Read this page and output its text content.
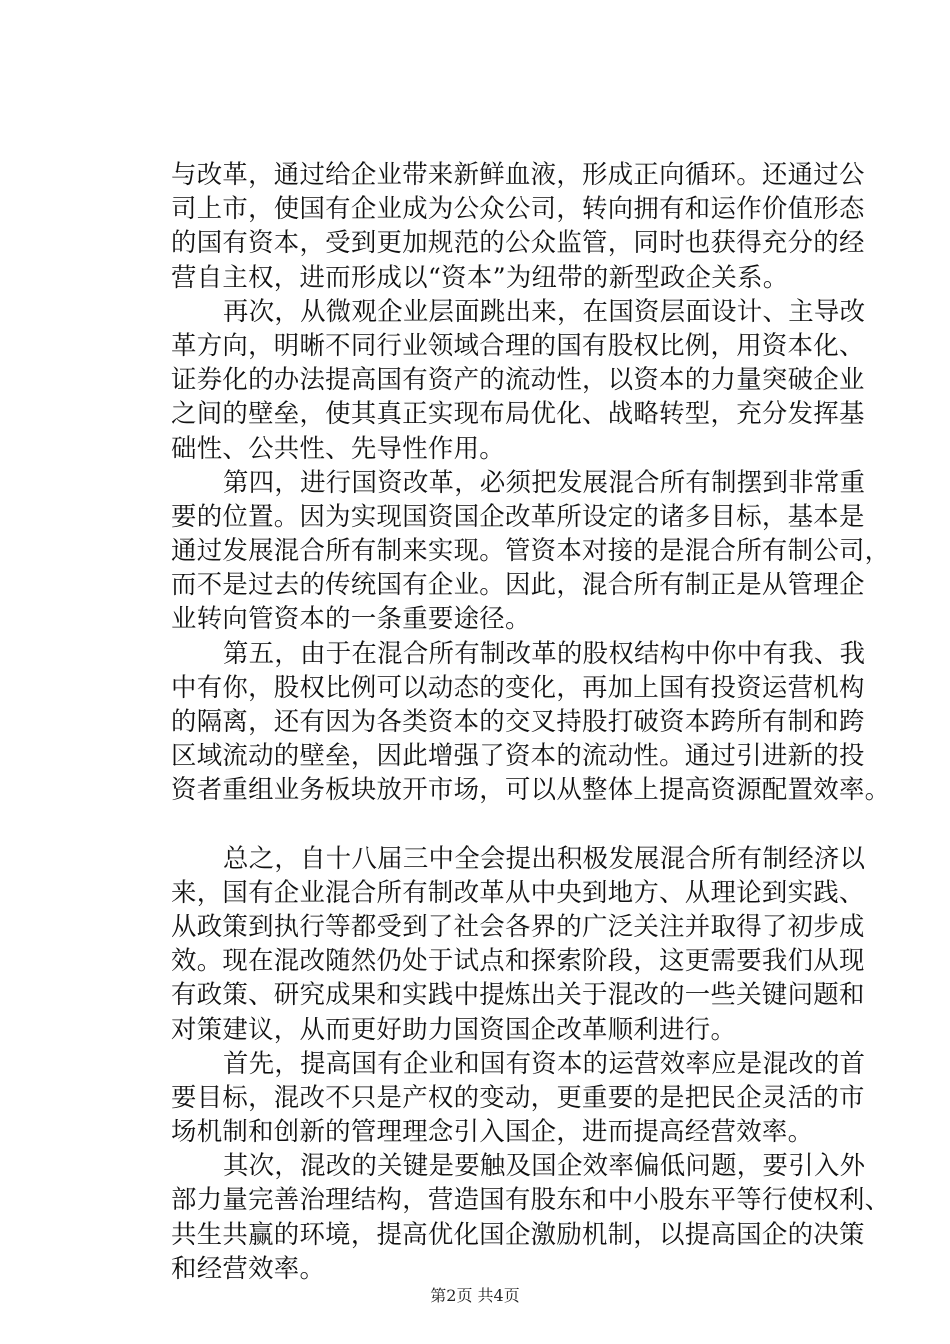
与改革，通过给企业带来新鲜血液，形成正向循环。还通过公
司上市，使国有企业成为公众公司，转向拥有和运作价值形态
的国有资本，受到更加规范的公众监管，同时也获得充分的经
营自主权，进而形成以“资本”为纽带的新型政企关系。

再次，从微观企业层面跳出来，在国资层面设计、主导改
革方向，明晰不同行业领域合理的国有股权比例，用资本化、
证券化的办法提高国有资产的流动性，以资本的力量突破企业
之间的壁垒，使其真正实现布局优化、战略转型，充分发挥基
础性、公共性、先导性作用。

第四，进行国资改革，必须把发展混合所有制摆到非常重
要的位置。因为实现国资国企改革所设定的诸多目标，基本是
通过发展混合所有制来实现。管资本对接的是混合所有制公司，
而不是过去的传统国有企业。因此，混合所有制正是从管理企
业转向管资本的一条重要途径。

第五，由于在混合所有制改革的股权结构中你中有我、我
中有你，股权比例可以动态的变化，再加上国有投资运营机构
的隔离，还有因为各类资本的交叉持股打破资本跨所有制和跨
区域流动的壁垒，因此增强了资本的流动性。通过引进新的投
资者重组业务板块放开市场，可以从整体上提高资源配置效率。

总之，自十八届三中全会提出积极发展混合所有制经济以
来，国有企业混合所有制改革从中央到地方、从理论到实践、
从政策到执行等都受到了社会各界的广泛关注并取得了初步成
效。现在混改随然仍处于试点和探索阶段，这更需要我们从现
有政策、研究成果和实践中提炼出关于混改的一些关键问题和
对策建议，从而更好助力国资国企改革顺利进行。

首先，提高国有企业和国有资本的运营效率应是混改的首
要目标，混改不只是产权的变动，更重要的是把民企灵活的市
场机制和创新的管理理念引入国企，进而提高经营效率。

其次，混改的关键是要触及国企效率偏低问题，要引入外
部力量完善治理结构，营造国有股东和中小股东平等行使权利、
共生共赢的环境，提高优化国企激励机制，以提高国企的决策
和经营效率。

第2页 共4页
